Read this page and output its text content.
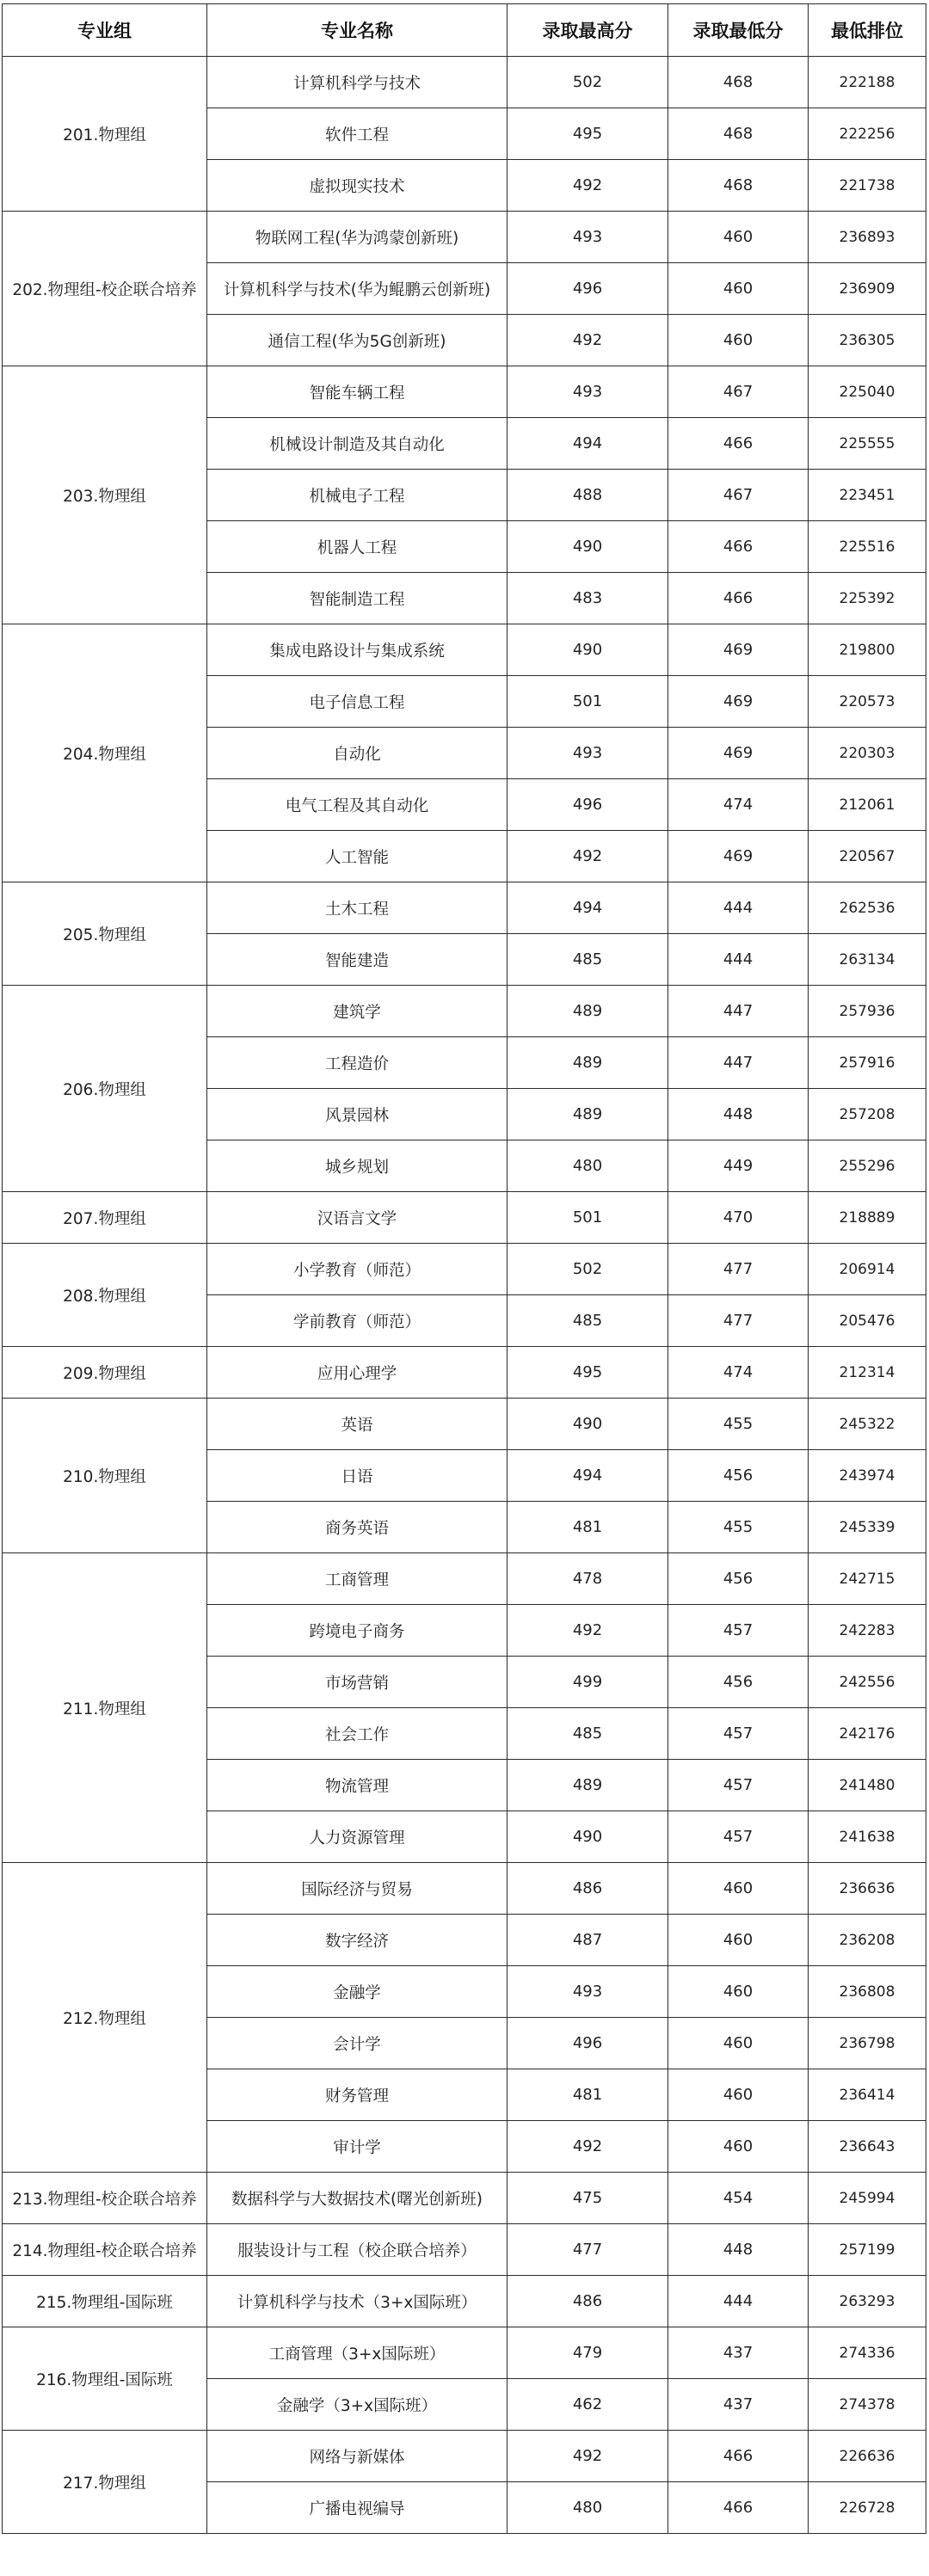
专业组	专业名称	录取最高分	录取最低分	最低排位
201.物理组	计算机科学与技术	502	468	222188
	软件工程	495	468	222256
	虚拟现实技术	492	468	221738
202.物理组-校企联合培养	物联网工程(华为鸿蒙创新班)	493	460	236893
	计算机科学与技术(华为鲲鹏云创新班)	496	460	236909
	通信工程(华为5G创新班)	492	460	236305
203.物理组	智能车辆工程	493	467	225040
	机械设计制造及其自动化	494	466	225555
	机械电子工程	488	467	223451
	机器人工程	490	466	225516
	智能制造工程	483	466	225392
204.物理组	集成电路设计与集成系统	490	469	219800
	电子信息工程	501	469	220573
	自动化	493	469	220303
	电气工程及其自动化	496	474	212061
	人工智能	492	469	220567
205.物理组	土木工程	494	444	262536
	智能建造	485	444	263134
206.物理组	建筑学	489	447	257936
	工程造价	489	447	257916
	风景园林	489	448	257208
	城乡规划	480	449	255296
207.物理组	汉语言文学	501	470	218889
208.物理组	小学教育（师范）	502	477	206914
	学前教育（师范）	485	477	205476
209.物理组	应用心理学	495	474	212314
210.物理组	英语	490	455	245322
	日语	494	456	243974
	商务英语	481	455	245339
211.物理组	工商管理	478	456	242715
	跨境电子商务	492	457	242283
	市场营销	499	456	242556
	社会工作	485	457	242176
	物流管理	489	457	241480
	人力资源管理	490	457	241638
212.物理组	国际经济与贸易	486	460	236636
	数字经济	487	460	236208
	金融学	493	460	236808
	会计学	496	460	236798
	财务管理	481	460	236414
	审计学	492	460	236643
213.物理组-校企联合培养	数据科学与大数据技术(曙光创新班)	475	454	245994
214.物理组-校企联合培养	服装设计与工程（校企联合培养）	477	448	257199
215.物理组-国际班	计算机科学与技术（3+x国际班）	486	444	263293
216.物理组-国际班	工商管理（3+x国际班）	479	437	274336
	金融学（3+x国际班）	462	437	274378
217.物理组	网络与新媒体	492	466	226636
	广播电视编导	480	466	226728
